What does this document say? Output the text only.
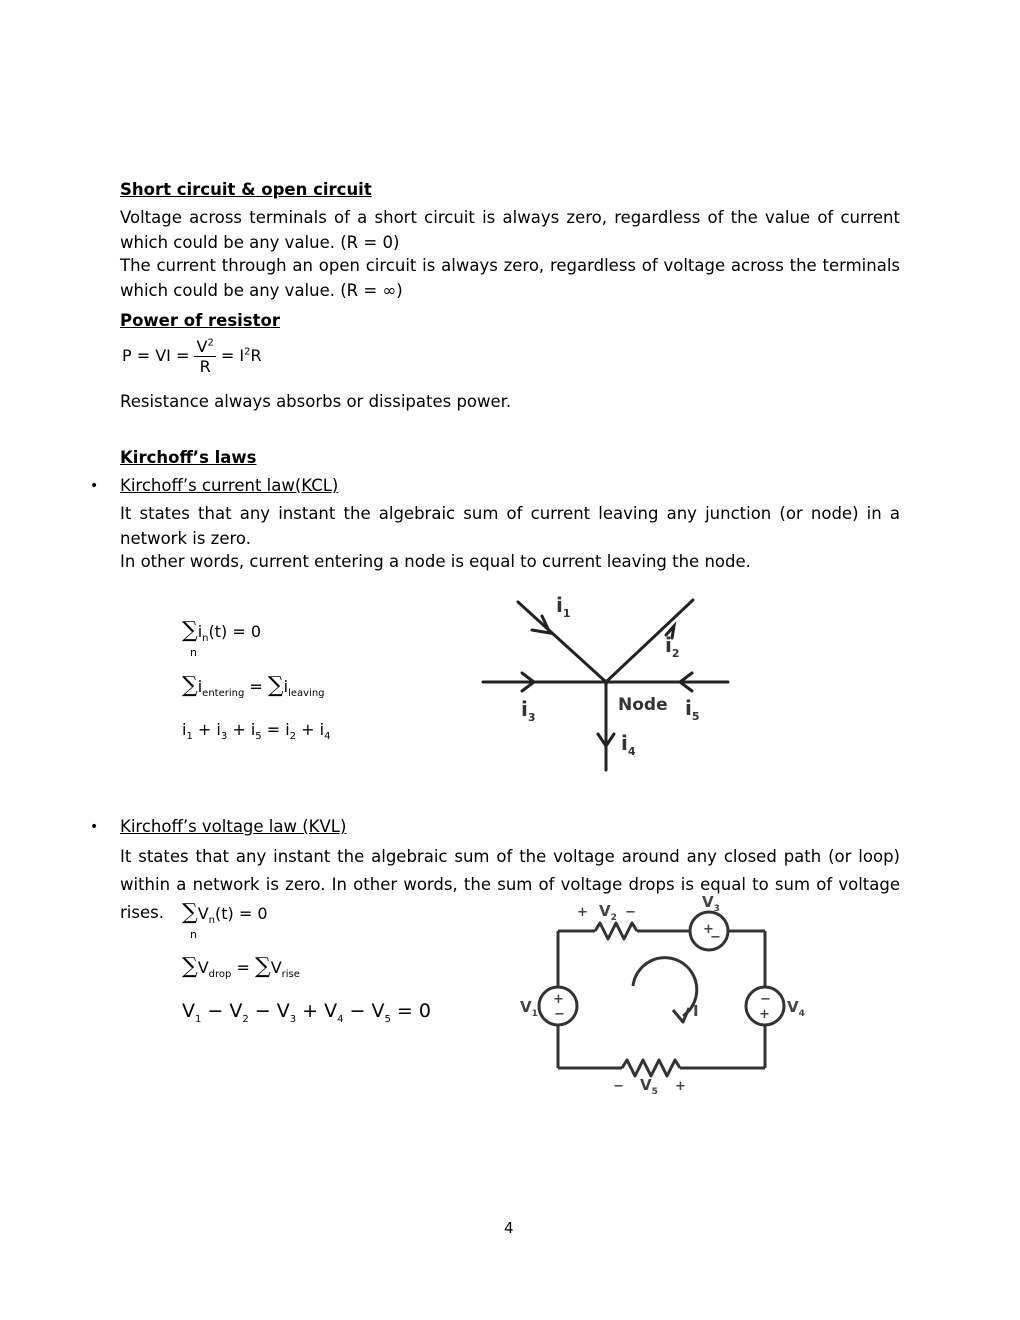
Short circuit & open circuit
Voltage across terminals of a short circuit is always zero, regardless of the value of current which could be any value. (R = 0)
The current through an open circuit is always zero, regardless of voltage across the terminals which could be any value. (R = ∞)
Power of resistor
P = VI = $\frac{V^2}{R} = I^2R$
Resistance always absorbs or dissipates power.
Kirchoff’s laws
• Kirchoff’s current law(KCL)
It states that any instant the algebraic sum of current leaving any junction (or node) in a network is zero.
In other words, current entering a node is equal to current leaving the node.
$\sum i_n(t) = 0$
n
$\sum i_{entering} = \sum i_{leaving}$
$i_1 + i_3 + i_5 = i_2 + i_4$
$i_1$
$i_2$
$i_3$
$i_4$
$i_5$
Node
• Kirchoff’s voltage law (KVL)
It states that any instant the algebraic sum of the voltage around any closed path (or loop) within a network is zero. In other words, the sum of voltage drops is equal to sum of voltage rises. $\sum V_n(t) = 0$
n
$\sum V_{drop} = \sum V_{rise}$
$V_1 - V_2 - V_3 + V_4 - V_5 = 0$
+
−
+
−
−
+
+	−
−	+
$V_2$
$V_3$
$V_1$	$V_4$
$V_5$
I
4
